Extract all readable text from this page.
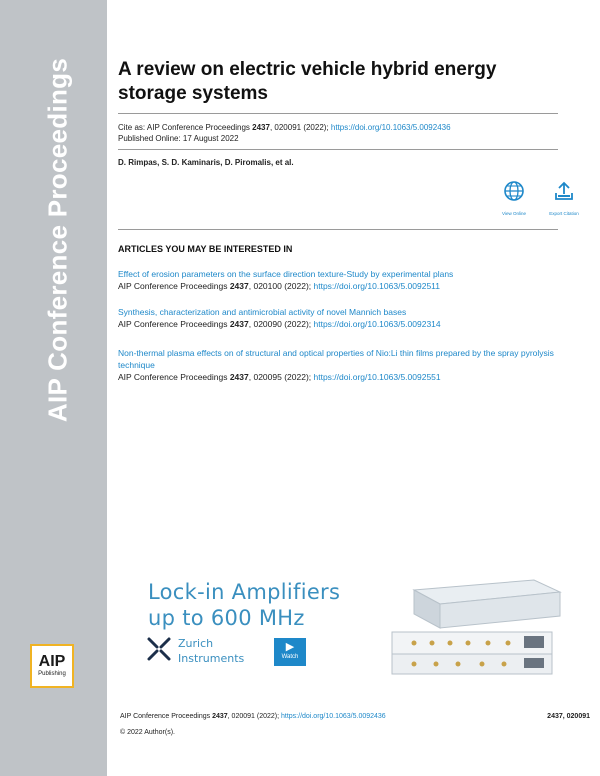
AIP Conference Proceedings
AIP
Publishing
A review on electric vehicle hybrid energy storage systems
Cite as: AIP Conference Proceedings 2437, 020091 (2022); https://doi.org/10.1063/5.0092436
Published Online: 17 August 2022
D. Rimpas, S. D. Kaminaris, D. Piromalis, et al.
View Online	Export Citation
ARTICLES YOU MAY BE INTERESTED IN
Effect of erosion parameters on the surface direction texture-Study by experimental plans
AIP Conference Proceedings 2437, 020100 (2022); https://doi.org/10.1063/5.0092511
Synthesis, characterization and antimicrobial activity of novel Mannich bases
AIP Conference Proceedings 2437, 020090 (2022); https://doi.org/10.1063/5.0092314
Non-thermal plasma effects on of structural and optical properties of Nio:Li thin films prepared by the spray pyrolysis technique
AIP Conference Proceedings 2437, 020095 (2022); https://doi.org/10.1063/5.0092551
Lock-in Amplifiers
up to 600 MHz
Zurich
Instruments
▶
Watch
AIP Conference Proceedings 2437, 020091 (2022); https://doi.org/10.1063/5.0092436	2437, 020091
© 2022 Author(s).
